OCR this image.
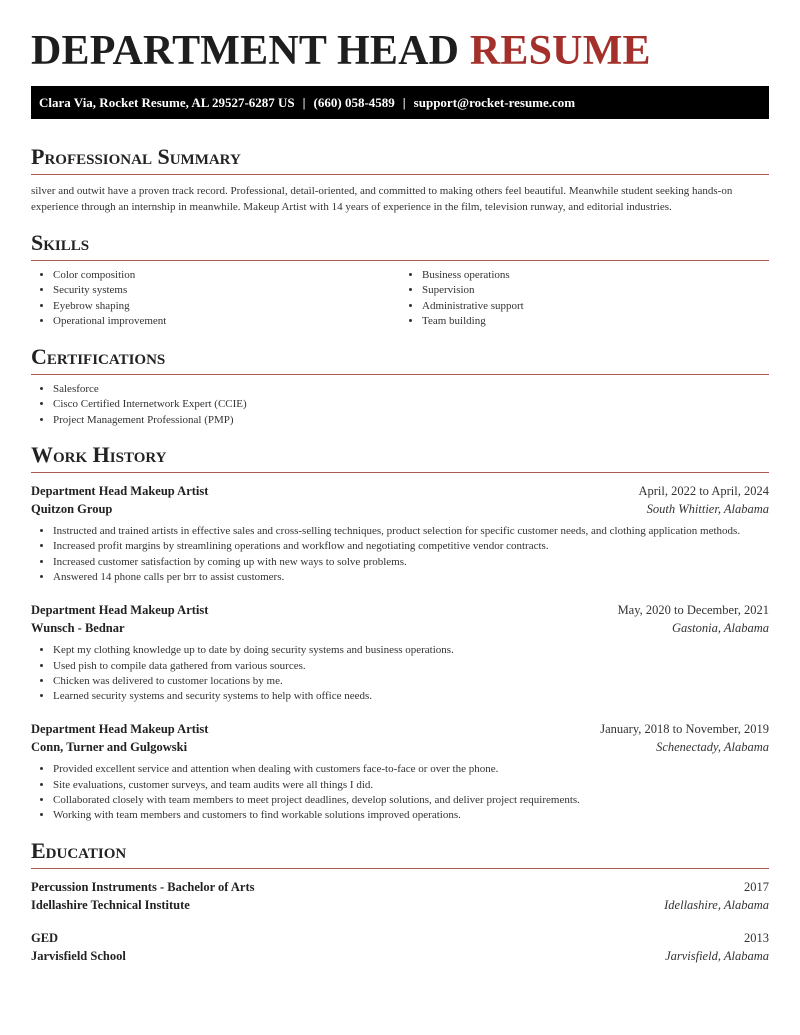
DEPARTMENT HEAD RESUME
Clara Via, Rocket Resume, AL 29527-6287 US | (660) 058-4589 | support@rocket-resume.com
Professional Summary

silver and outwit have a proven track record. Professional, detail-oriented, and committed to making others feel beautiful. Meanwhile student seeking hands-on experience through an internship in meanwhile. Makeup Artist with 14 years of experience in the film, television runway, and editorial industries.

Skills
• Color composition
• Security systems
• Eyebrow shaping
• Operational improvement
• Business operations
• Supervision
• Administrative support
• Team building
Certifications
• Salesforce
• Cisco Certified Internetwork Expert (CCIE)
• Project Management Professional (PMP)
Work History
Department Head Makeup Artist	April, 2022 to April, 2024
Quitzon Group	South Whittier, Alabama
• Instructed and trained artists in effective sales and cross-selling techniques, product selection for specific customer needs, and clothing application methods.
• Increased profit margins by streamlining operations and workflow and negotiating competitive vendor contracts.
• Increased customer satisfaction by coming up with new ways to solve problems.
• Answered 14 phone calls per brr to assist customers.
Department Head Makeup Artist	May, 2020 to December, 2021
Wunsch - Bednar	Gastonia, Alabama
• Kept my clothing knowledge up to date by doing security systems and business operations.
• Used pish to compile data gathered from various sources.
• Chicken was delivered to customer locations by me.
• Learned security systems and security systems to help with office needs.
Department Head Makeup Artist	January, 2018 to November, 2019
Conn, Turner and Gulgowski	Schenectady, Alabama
• Provided excellent service and attention when dealing with customers face-to-face or over the phone.
• Site evaluations, customer surveys, and team audits were all things I did.
• Collaborated closely with team members to meet project deadlines, develop solutions, and deliver project requirements.
• Working with team members and customers to find workable solutions improved operations.
Education
Percussion Instruments - Bachelor of Arts	2017
Idellashire Technical Institute	Idellashire, Alabama
GED	2013
Jarvisfield School	Jarvisfield, Alabama
